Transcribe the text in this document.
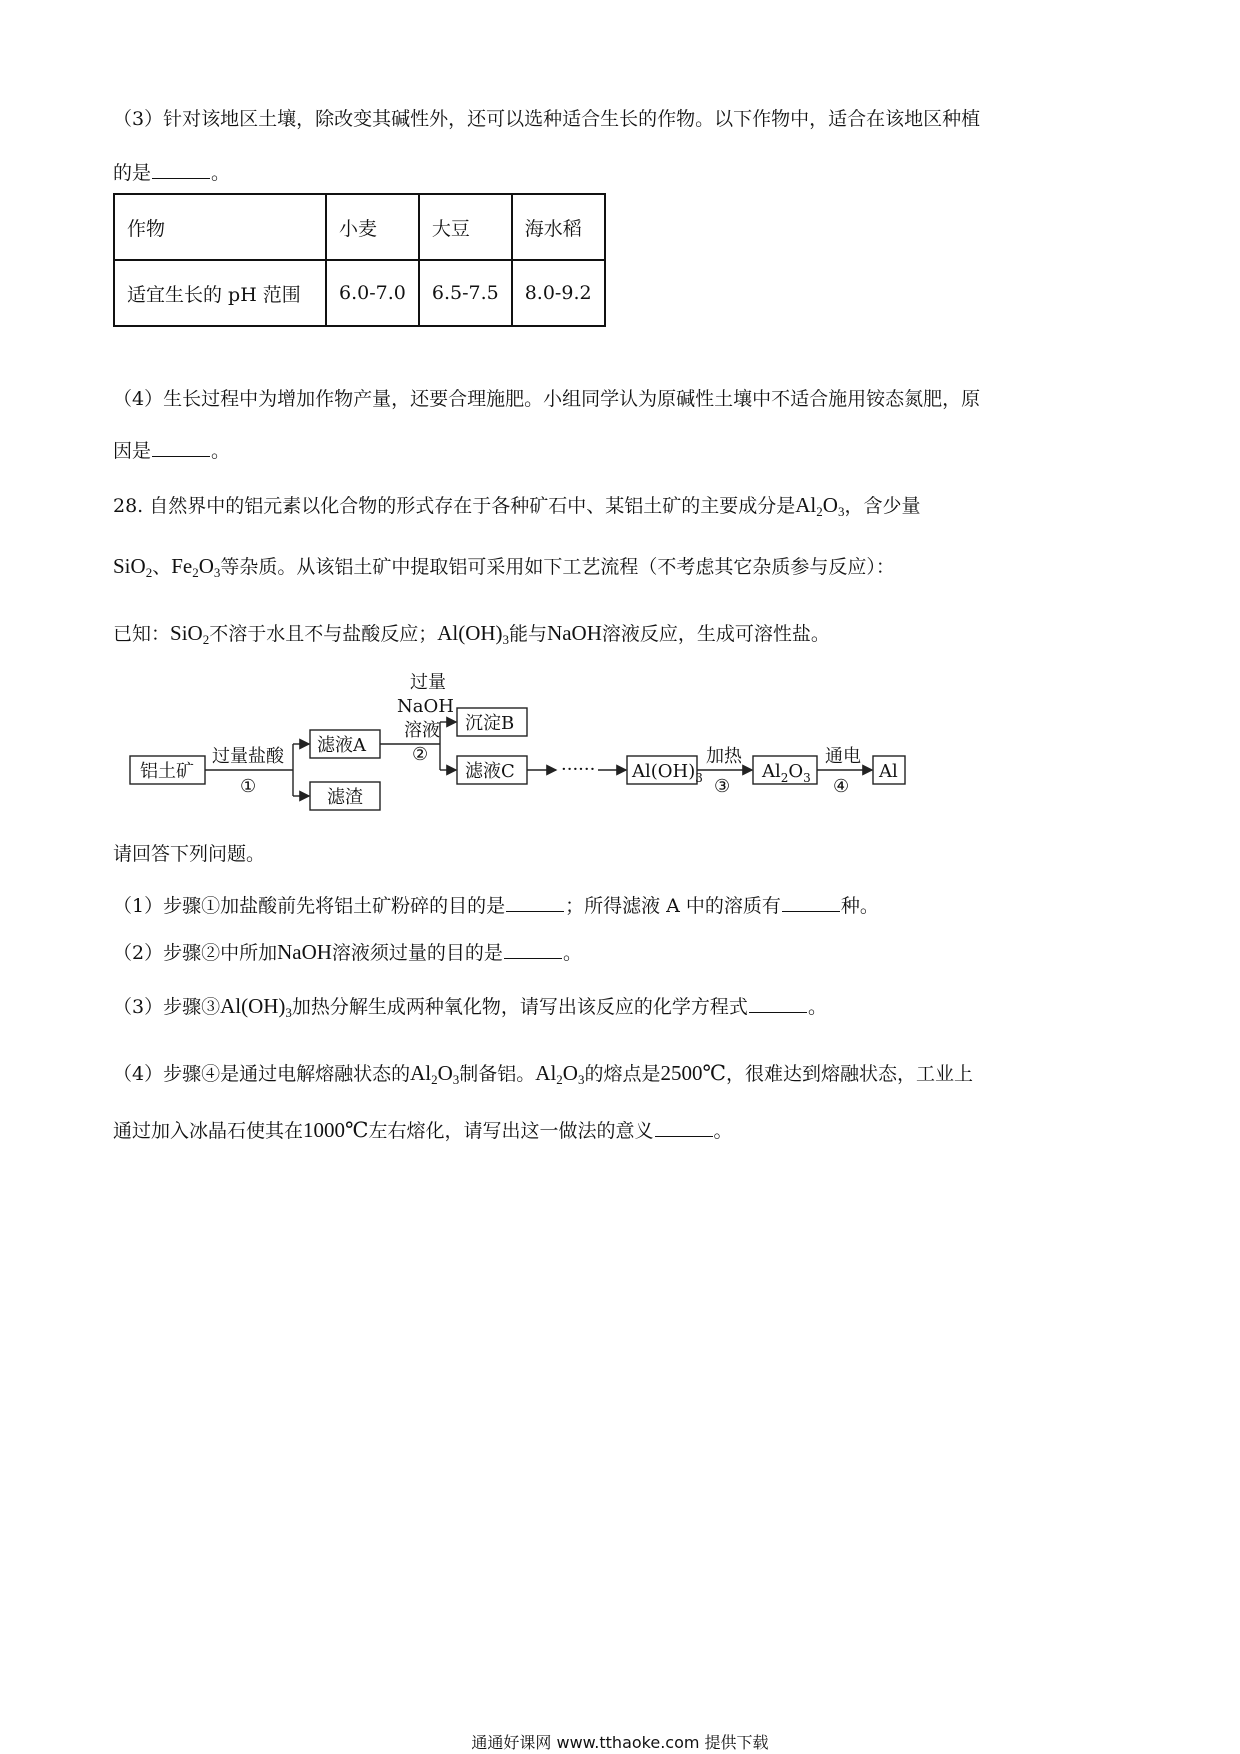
（3）针对该地区土壤，除改变其碱性外，还可以选种适合生长的作物。以下作物中，适合在该地区种植
的是	。
作物	小麦	大豆	海水稻
适宜生长的 pH 范围	6.0-7.0	6.5-7.5	8.0-9.2
（4）生长过程中为增加作物产量，还要合理施肥。小组同学认为原碱性土壤中不适合施用铵态氮肥，原
因是	。
28. 自然界中的铝元素以化合物的形式存在于各种矿石中、某铝土矿的主要成分是$Al_2O_3$，含少量
SiO$_2$、$Fe_2O_3$等杂质。从该铝土矿中提取铝可采用如下工艺流程（不考虑其它杂质参与反应）：
已知：SiO$_2$不溶于水且不与盐酸反应；$Al(OH)_3$能与NaOH溶液反应，生成可溶性盐。
铝土矿
过量盐酸
①
滤液A
滤渣
过量
NaOH
溶液
②
沉淀B
滤液C	······ $Al(OH)_3$
加热
③
$Al_2O_3$
通电
④
Al
请回答下列问题。
（1）步骤①加盐酸前先将铝土矿粉碎的目的是	；所得滤液 A 中的溶质有	种。
（2）步骤②中所加NaOH溶液须过量的目的是	。
（3）步骤$③Al(OH)_3$加热分解生成两种氧化物，请写出该反应的化学方程式	。
（4）步骤④是通过电解熔融状态的$Al_2O_3$制备铝。$Al_2O_3$的熔点是2500℃，很难达到熔融状态，工业上
通过加入冰晶石使其在1000℃左右熔化，请写出这一做法的意义	。
通通好课网 www.tthaoke.com 提供下载
